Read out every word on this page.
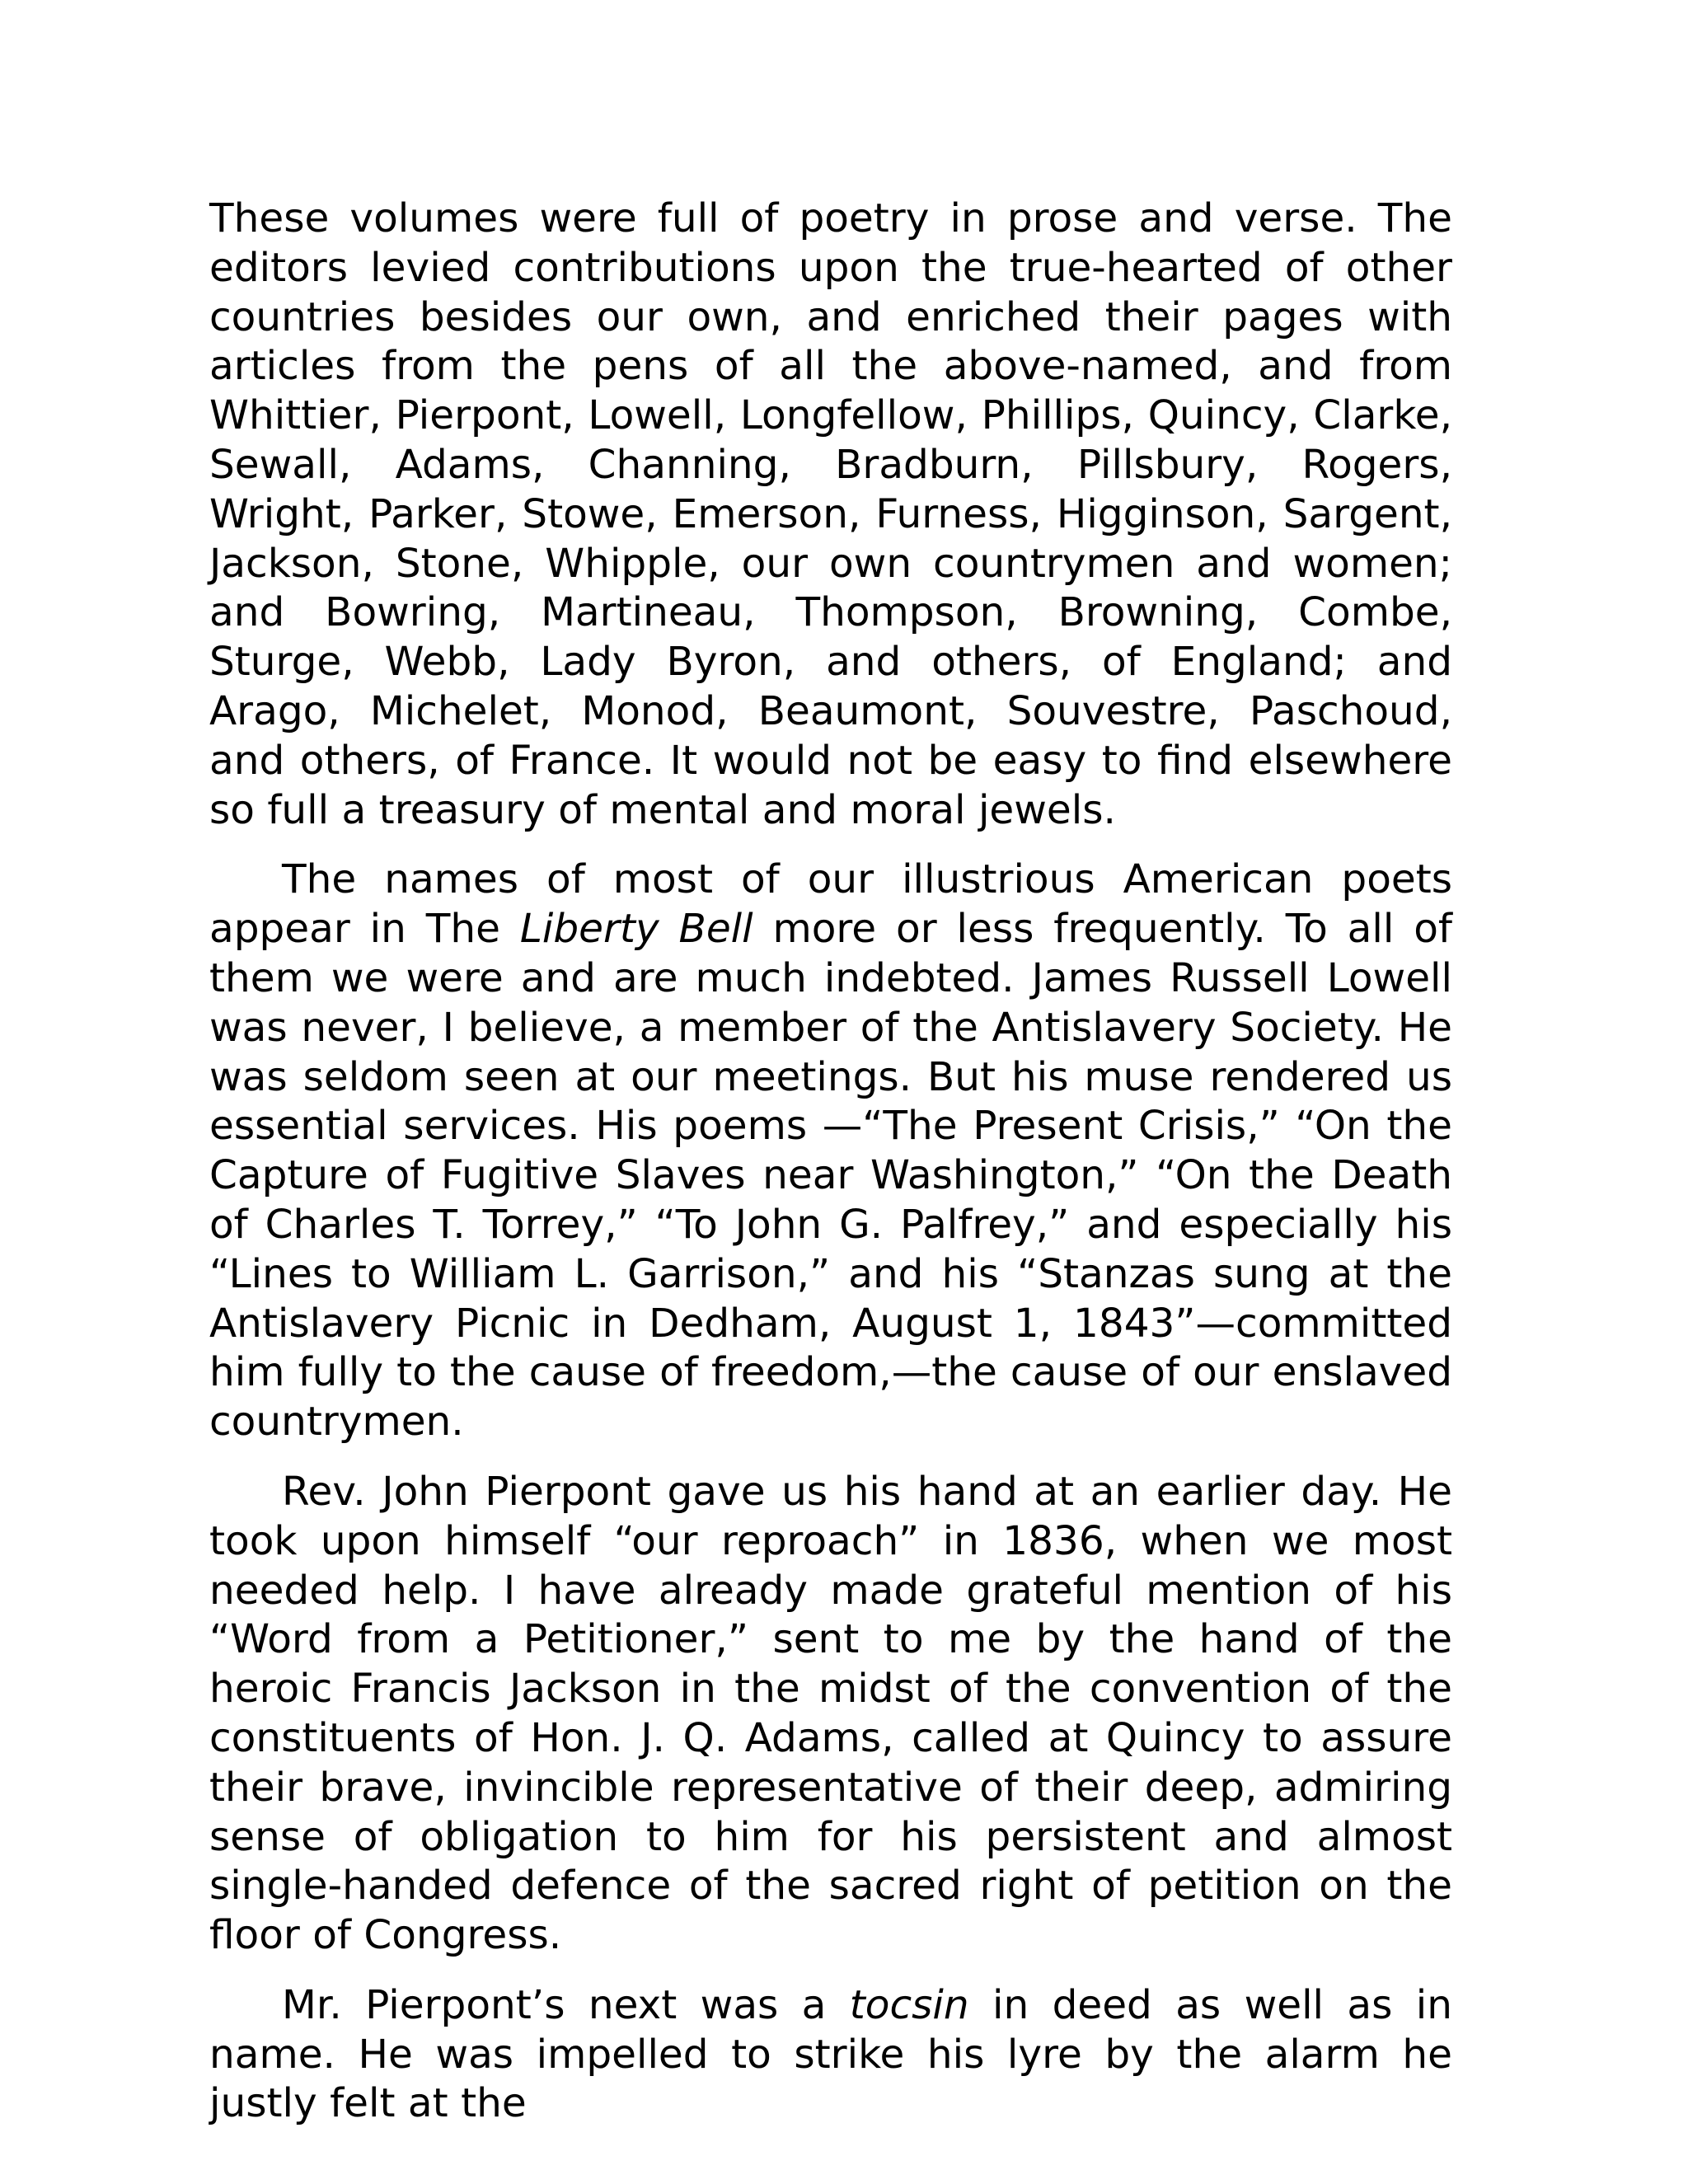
These volumes were full of poetry in prose and verse. The editors levied contributions upon the true-hearted of other countries besides our own, and enriched their pages with articles from the pens of all the above-named, and from Whittier, Pierpont, Lowell, Longfellow, Phillips, Quincy, Clarke, Sewall, Adams, Channing, Bradburn, Pillsbury, Rogers, Wright, Parker, Stowe, Emerson, Furness, Higginson, Sargent, Jackson, Stone, Whipple, our own countrymen and women; and Bowring, Martineau, Thompson, Browning, Combe, Sturge, Webb, Lady Byron, and others, of England; and Arago, Michelet, Monod, Beaumont, Souvestre, Paschoud, and others, of France. It would not be easy to find elsewhere so full a treasury of mental and moral jewels.

The names of most of our illustrious American poets appear in The Liberty Bell more or less frequently. To all of them we were and are much indebted. James Russell Lowell was never, I believe, a member of the Antislavery Society. He was seldom seen at our meetings. But his muse rendered us essential services. His poems —“The Present Crisis,” “On the Capture of Fugitive Slaves near Washington,” “On the Death of Charles T. Torrey,” “To John G. Palfrey,” and especially his “Lines to William L. Garrison,” and his “Stanzas sung at the Antislavery Picnic in Dedham, August 1, 1843”—committed him fully to the cause of freedom,—the cause of our enslaved countrymen.

Rev. John Pierpont gave us his hand at an earlier day. He took upon himself “our reproach” in 1836, when we most needed help. I have already made grateful mention of his “Word from a Petitioner,” sent to me by the hand of the heroic Francis Jackson in the midst of the convention of the constituents of Hon. J. Q. Adams, called at Quincy to assure their brave, invincible representative of their deep, admiring sense of obligation to him for his persistent and almost single-handed defence of the sacred right of petition on the floor of Congress.

Mr. Pierpont’s next was a tocsin in deed as well as in name. He was impelled to strike his lyre by the alarm he justly felt at the
